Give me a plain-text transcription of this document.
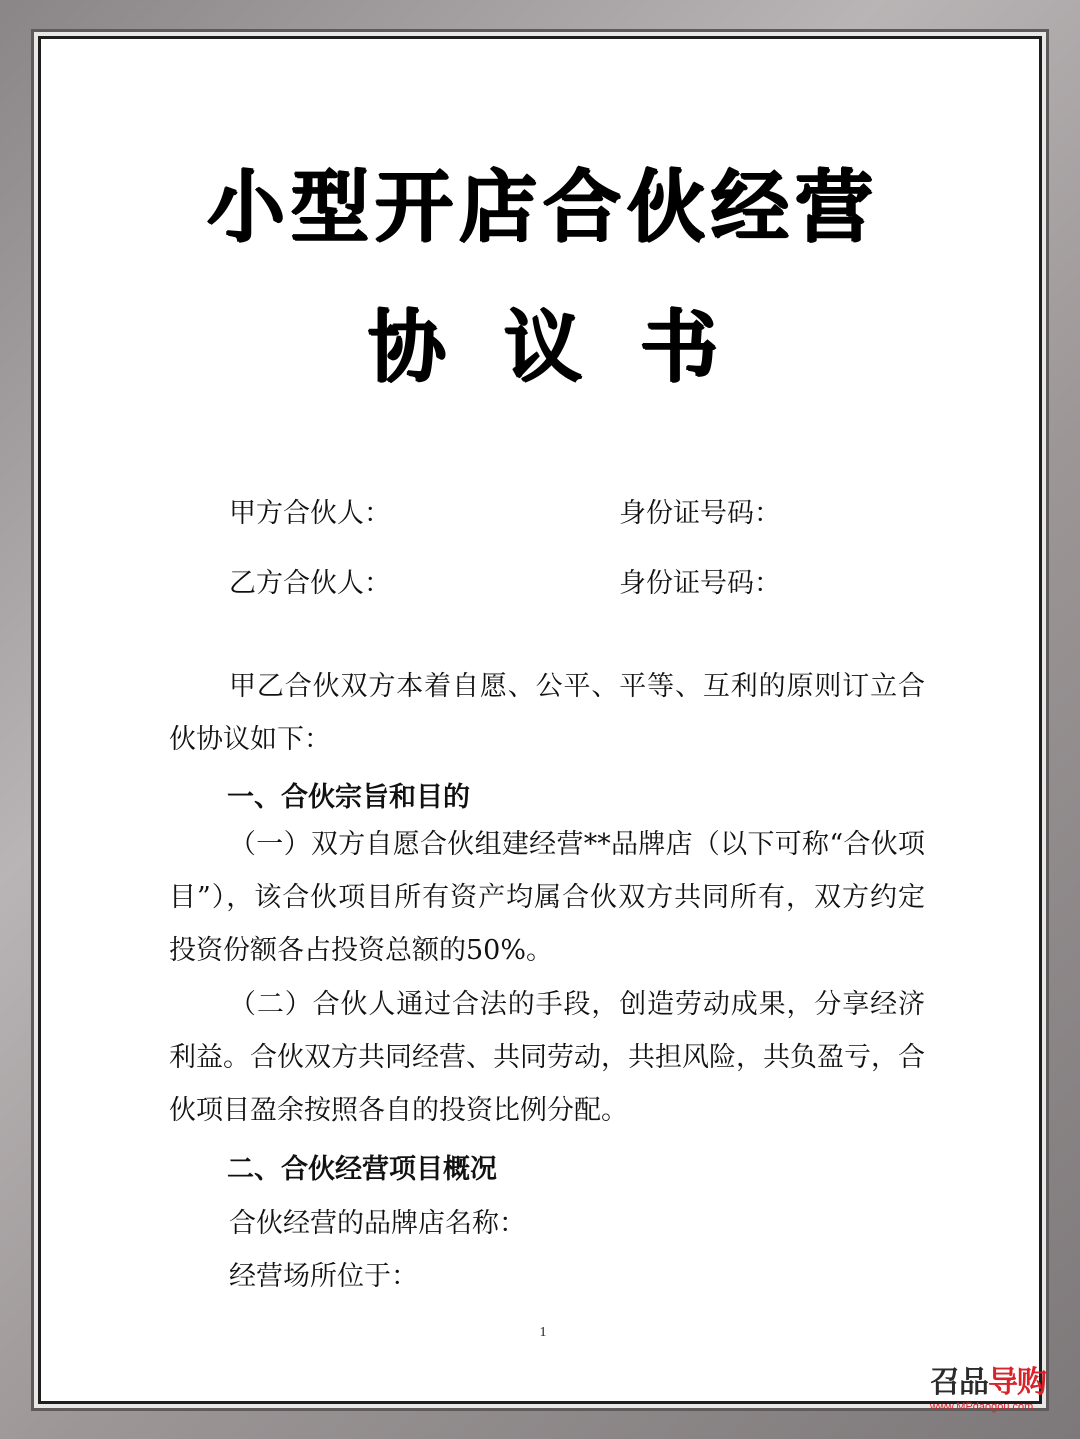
小型开店合伙经营
协议书
甲方合伙人：	身份证号码：
乙方合伙人：	身份证号码：
甲乙合伙双方本着自愿、公平、平等、互利的原则订立合伙协议如下：
一、合伙宗旨和目的
（一）双方自愿合伙组建经营**品牌店（以下可称“合伙项目”），该合伙项目所有资产均属合伙双方共同所有，双方约定投资份额各占投资总额的50%。
（二）合伙人通过合法的手段，创造劳动成果，分享经济利益。合伙双方共同经营、共同劳动，共担风险，共负盈亏，合伙项目盈余按照各自的投资比例分配。
二、合伙经营项目概况
合伙经营的品牌店名称：
经营场所位于：
1
召品导购
www.MPdaogou.com
